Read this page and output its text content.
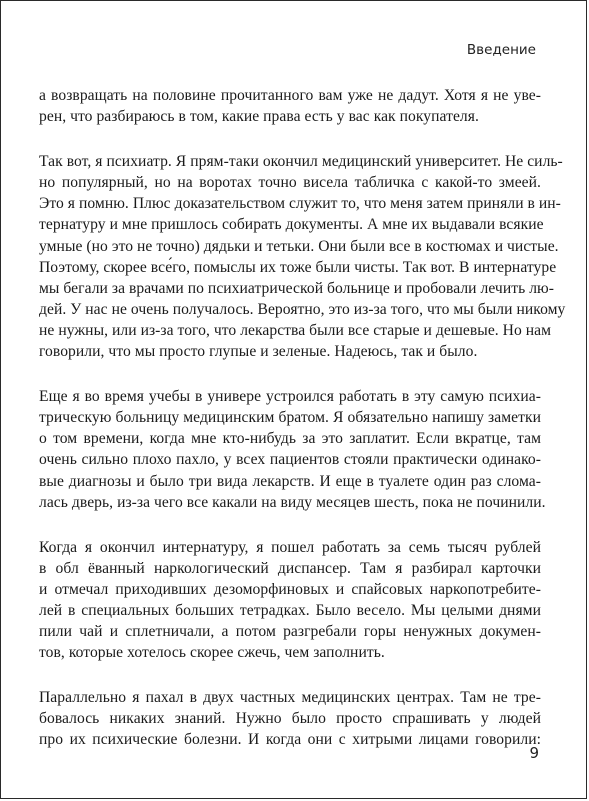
Введение
а возвращать на половине прочитанного вам уже не дадут. Хотя я не уве-
рен, что разбираюсь в том, какие права есть у вас как покупателя.
Так вот, я психиатр. Я прям-таки окончил медицинский университет. Не силь-
но популярный, но на воротах точно висела табличка с какой-то змеей.
Это я помню. Плюс доказательством служит то, что меня затем приняли в ин-
тернатуру и мне пришлось собирать документы. А мне их выдавали всякие
умные (но это не точно) дядьки и тетьки. Они были все в костюмах и чистые.
Поэтому, скорее все́го, помыслы их тоже были чисты. Так вот. В интернатуре
мы бегали за врачами по психиатрической больнице и пробовали лечить лю-
дей. У нас не очень получалось. Вероятно, это из-за того, что мы были никому
не нужны, или из-за того, что лекарства были все старые и дешевые. Но нам
говорили, что мы просто глупые и зеленые. Надеюсь, так и было.
Еще я во время учебы в универе устроился работать в эту самую психиа-
трическую больницу медицинским братом. Я обязательно напишу заметки
о том времени, когда мне кто-нибудь за это заплатит. Если вкратце, там
очень сильно плохо пахло, у всех пациентов стояли практически одинако-
вые диагнозы и было три вида лекарств. И еще в туалете один раз слома-
лась дверь, из-за чего все какали на виду месяцев шесть, пока не починили.
Когда я окончил интернатуру, я пошел работать за семь тысяч рублей
в обл ёванный наркологический диспансер. Там я разбирал карточки
и отмечал приходивших дезоморфиновых и спайсовых наркопотребите-
лей в специальных больших тетрадках. Было весело. Мы целыми днями
пили чай и сплетничали, а потом разгребали горы ненужных докумен-
тов, которые хотелось скорее сжечь, чем заполнить.
Параллельно я пахал в двух частных медицинских центрах. Там не тре-
бовалось никаких знаний. Нужно было просто спрашивать у людей
про их психические болезни. И когда они с хитрыми лицами говорили:
9
